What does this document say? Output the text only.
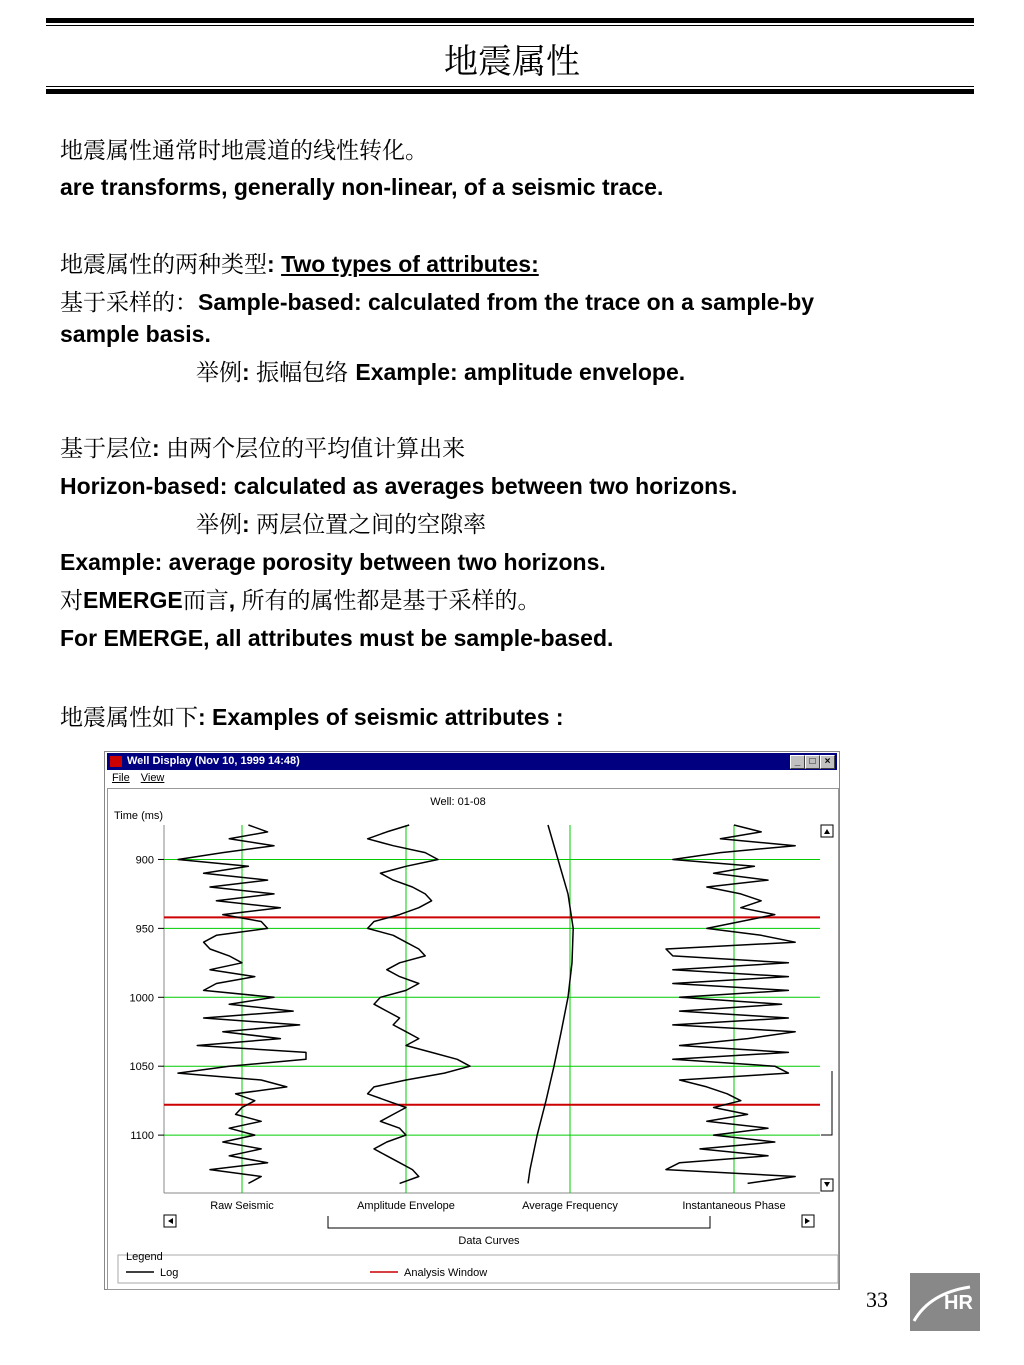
地震属性
地震属性通常时地震道的线性转化。
are transforms, generally non-linear, of a seismic trace.
地震属性的两种类型: Two types of attributes:
基于采样的：Sample-based: calculated from the trace on a sample-by
sample basis.
举例: 振幅包络 Example: amplitude envelope.
基于层位: 由两个层位的平均值计算出来
Horizon-based: calculated as averages between two horizons.
举例: 两层位置之间的空隙率
Example: average porosity between two horizons.
对EMERGE而言, 所有的属性都是基于采样的。
For EMERGE, all attributes must be sample-based.
地震属性如下: Examples of seismic attributes :
Well Display (Nov 10, 1999 14:48)	_ □ ×
File View
Well: 01-08
Time (ms)
900
950
1000
1050
1100
Raw Seismic	Amplitude Envelope	Average Frequency	Instantaneous Phase
Data Curves
Legend
Log	Analysis Window
33	HR
